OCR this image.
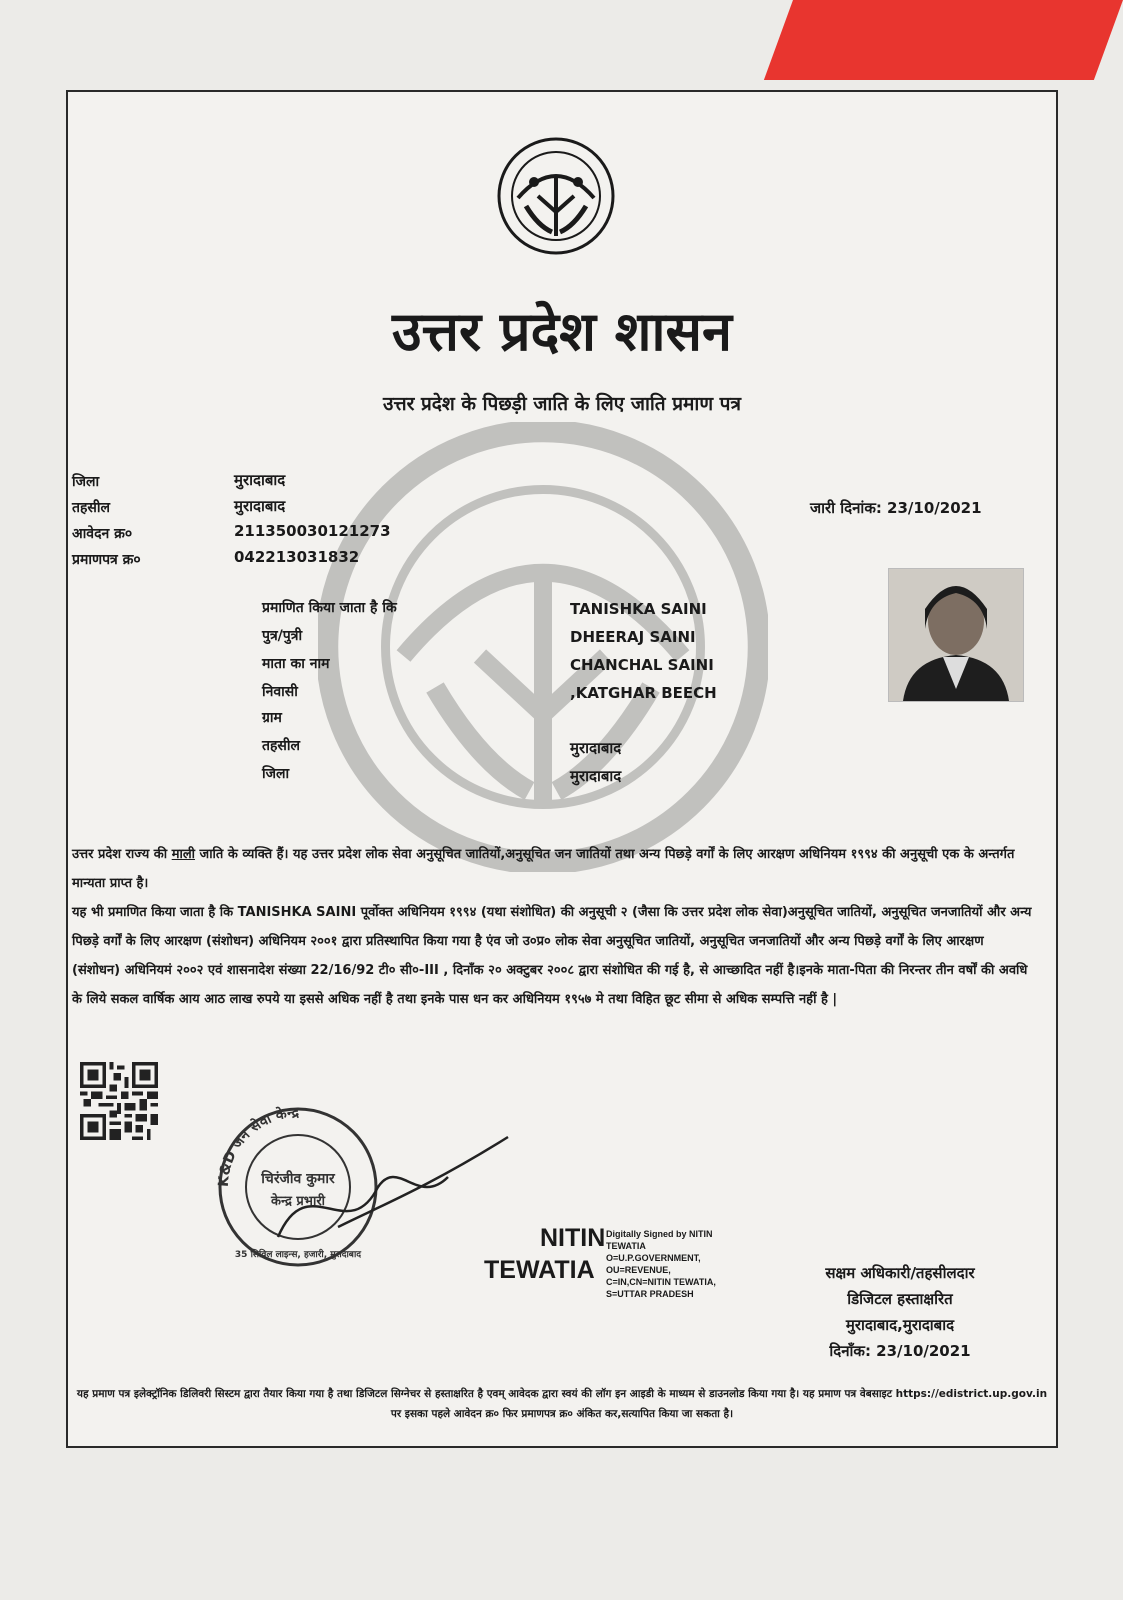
उत्तर प्रदेश शासन
उत्तर प्रदेश के पिछड़ी जाति के लिए जाति प्रमाण पत्र
जिला	मुरादाबाद
तहसील	मुरादाबाद
आवेदन क्र०	211350030121273
प्रमाणपत्र क्र०	042213031832
जारी दिनांक: 23/10/2021
प्रमाणित किया जाता है कि	TANISHKA SAINI
पुत्र/पुत्री	DHEERAJ SAINI
माता का नाम	CHANCHAL SAINI
निवासी	,KATGHAR BEECH
ग्राम
तहसील	मुरादाबाद
जिला	मुरादाबाद
उत्तर प्रदेश राज्य की माली जाति के व्यक्ति हैं। यह उत्तर प्रदेश लोक सेवा अनुसूचित जातियों,अनुसूचित जन जातियों तथा अन्य पिछड़े वर्गों के लिए आरक्षण अधिनियम १९९४ की अनुसूची एक के अन्तर्गत मान्यता प्राप्त है।
यह भी प्रमाणित किया जाता है कि TANISHKA SAINI पूर्वोक्त अधिनियम १९९४ (यथा संशोधित) की अनुसूची २ (जैसा कि उत्तर प्रदेश लोक सेवा)अनुसूचित जातियों, अनुसूचित जनजातियों और अन्य पिछड़े वर्गों के लिए आरक्षण (संशोधन) अधिनियम २००१ द्वारा प्रतिस्थापित किया गया है एंव जो उ०प्र० लोक सेवा अनुसूचित जातियों, अनुसूचित जनजातियों और अन्य पिछड़े वर्गों के लिए आरक्षण (संशोधन) अधिनियमं २००२ एवं शासनादेश संख्या 22/16/92 टी० सी०-III , दिनाँक २० अक्टुबर २००८ द्वारा संशोधित की गई है, से आच्छादित नहीं है।इनके माता-पिता की निरन्तर तीन वर्षों की अवधि के लिये सकल वार्षिक आय आठ लाख रुपये या इससे अधिक नहीं है तथा इनके पास धन कर अधिनियम १९५७ मे तथा विहित छूट सीमा से अधिक सम्पत्ति नहीं है |
K&D जन सेवा केन्द्र
चिरंजीव कुमार
केन्द्र प्रभारी
35 सिविल लाइन्स, हजारी, मुरादाबाद
NITIN
TEWATIA
Digitally Signed by NITIN
TEWATIA
O=U.P.GOVERNMENT,
OU=REVENUE,
C=IN,CN=NITIN TEWATIA,
S=UTTAR PRADESH
सक्षम अधिकारी/तहसीलदार
डिजिटल हस्ताक्षरित
मुरादाबाद,मुरादाबाद
दिनाँक: 23/10/2021
यह प्रमाण पत्र इलेक्ट्रॉनिक डिलिवरी सिस्टम द्वारा तैयार किया गया है तथा डिजिटल सिग्नेचर से हस्ताक्षरित है एवम् आवेदक द्वारा स्वयं की लॉग इन आइडी के माध्यम से डाउनलोड किया गया है। यह प्रमाण पत्र वेबसाइट https://edistrict.up.gov.in पर इसका पहले आवेदन क्र० फिर प्रमाणपत्र क्र० अंकित कर,सत्यापित किया जा सकता है।
